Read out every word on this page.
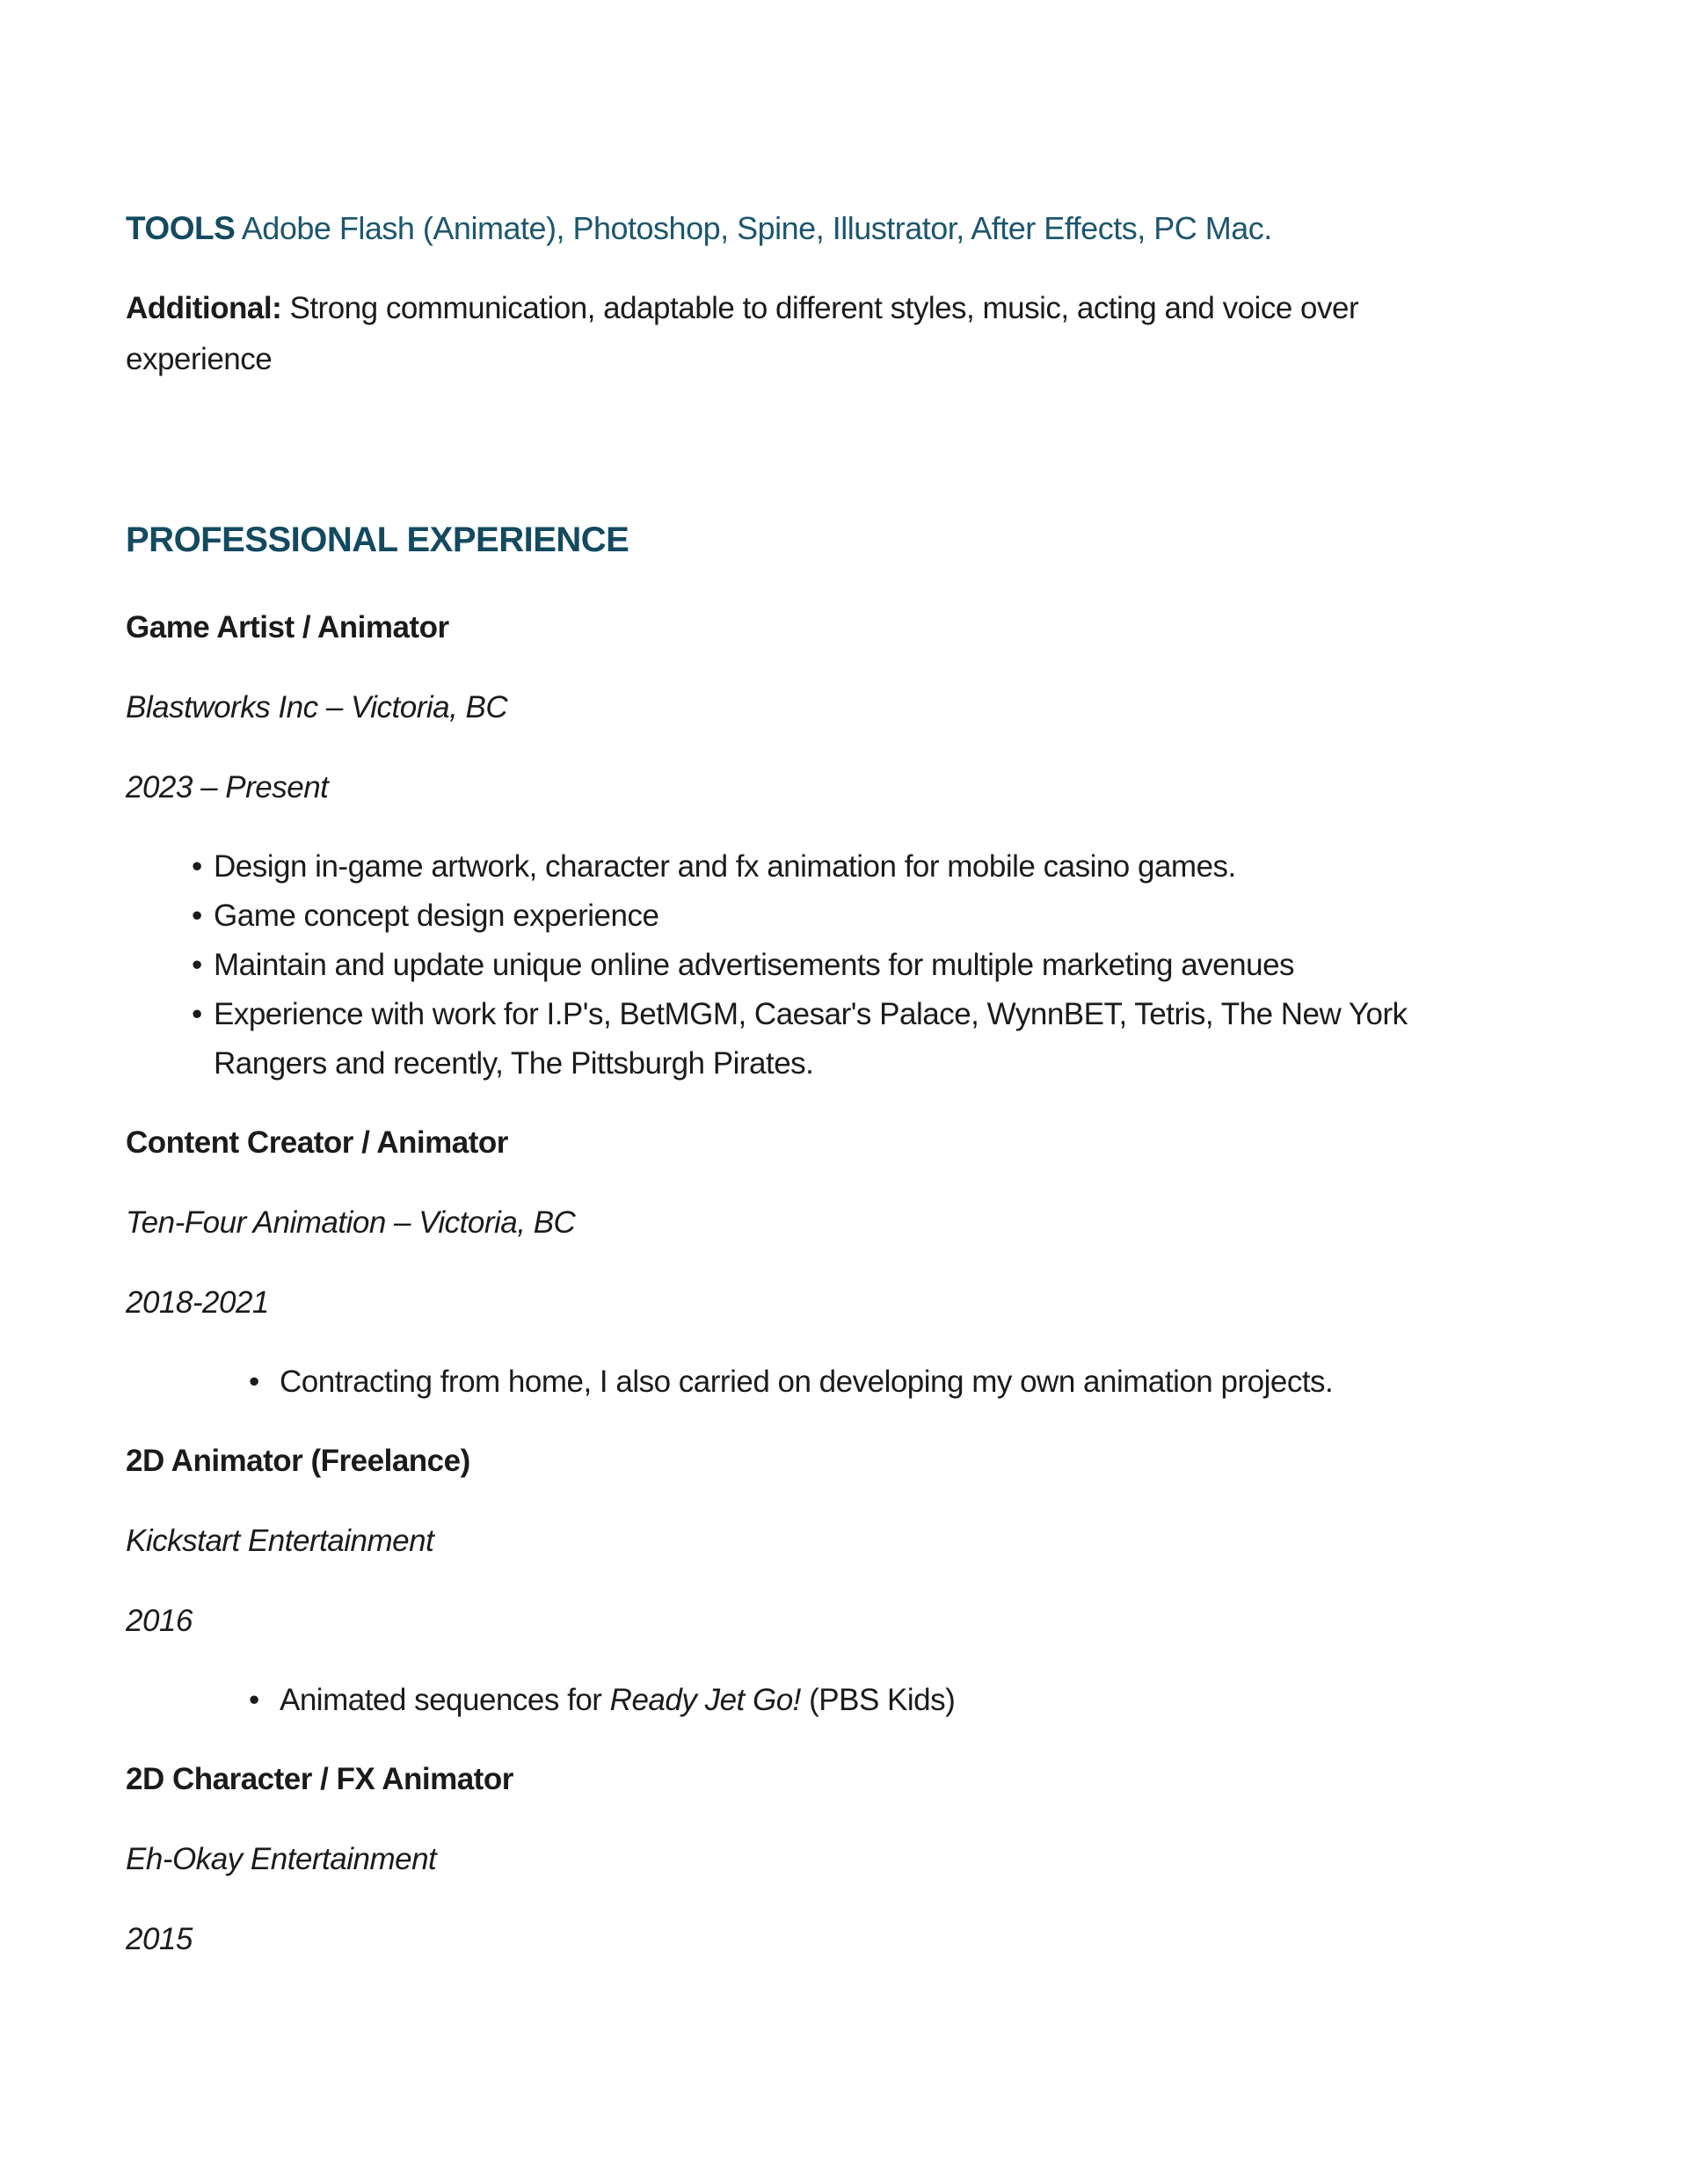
TOOLS Adobe Flash (Animate), Photoshop, Spine, Illustrator, After Effects, PC Mac.

Additional: Strong communication, adaptable to different styles, music, acting and voice over experience

PROFESSIONAL EXPERIENCE

Game Artist / Animator

Blastworks Inc – Victoria, BC

2023 – Present

• Design in-game artwork, character and fx animation for mobile casino games.
• Game concept design experience
• Maintain and update unique online advertisements for multiple marketing avenues
• Experience with work for I.P's, BetMGM, Caesar's Palace, WynnBET, Tetris, The New York Rangers and recently, The Pittsburgh Pirates.

Content Creator / Animator

Ten-Four Animation – Victoria, BC

2018-2021

• Contracting from home, I also carried on developing my own animation projects.

2D Animator (Freelance)

Kickstart Entertainment

2016

• Animated sequences for Ready Jet Go! (PBS Kids)

2D Character / FX Animator

Eh-Okay Entertainment

2015
